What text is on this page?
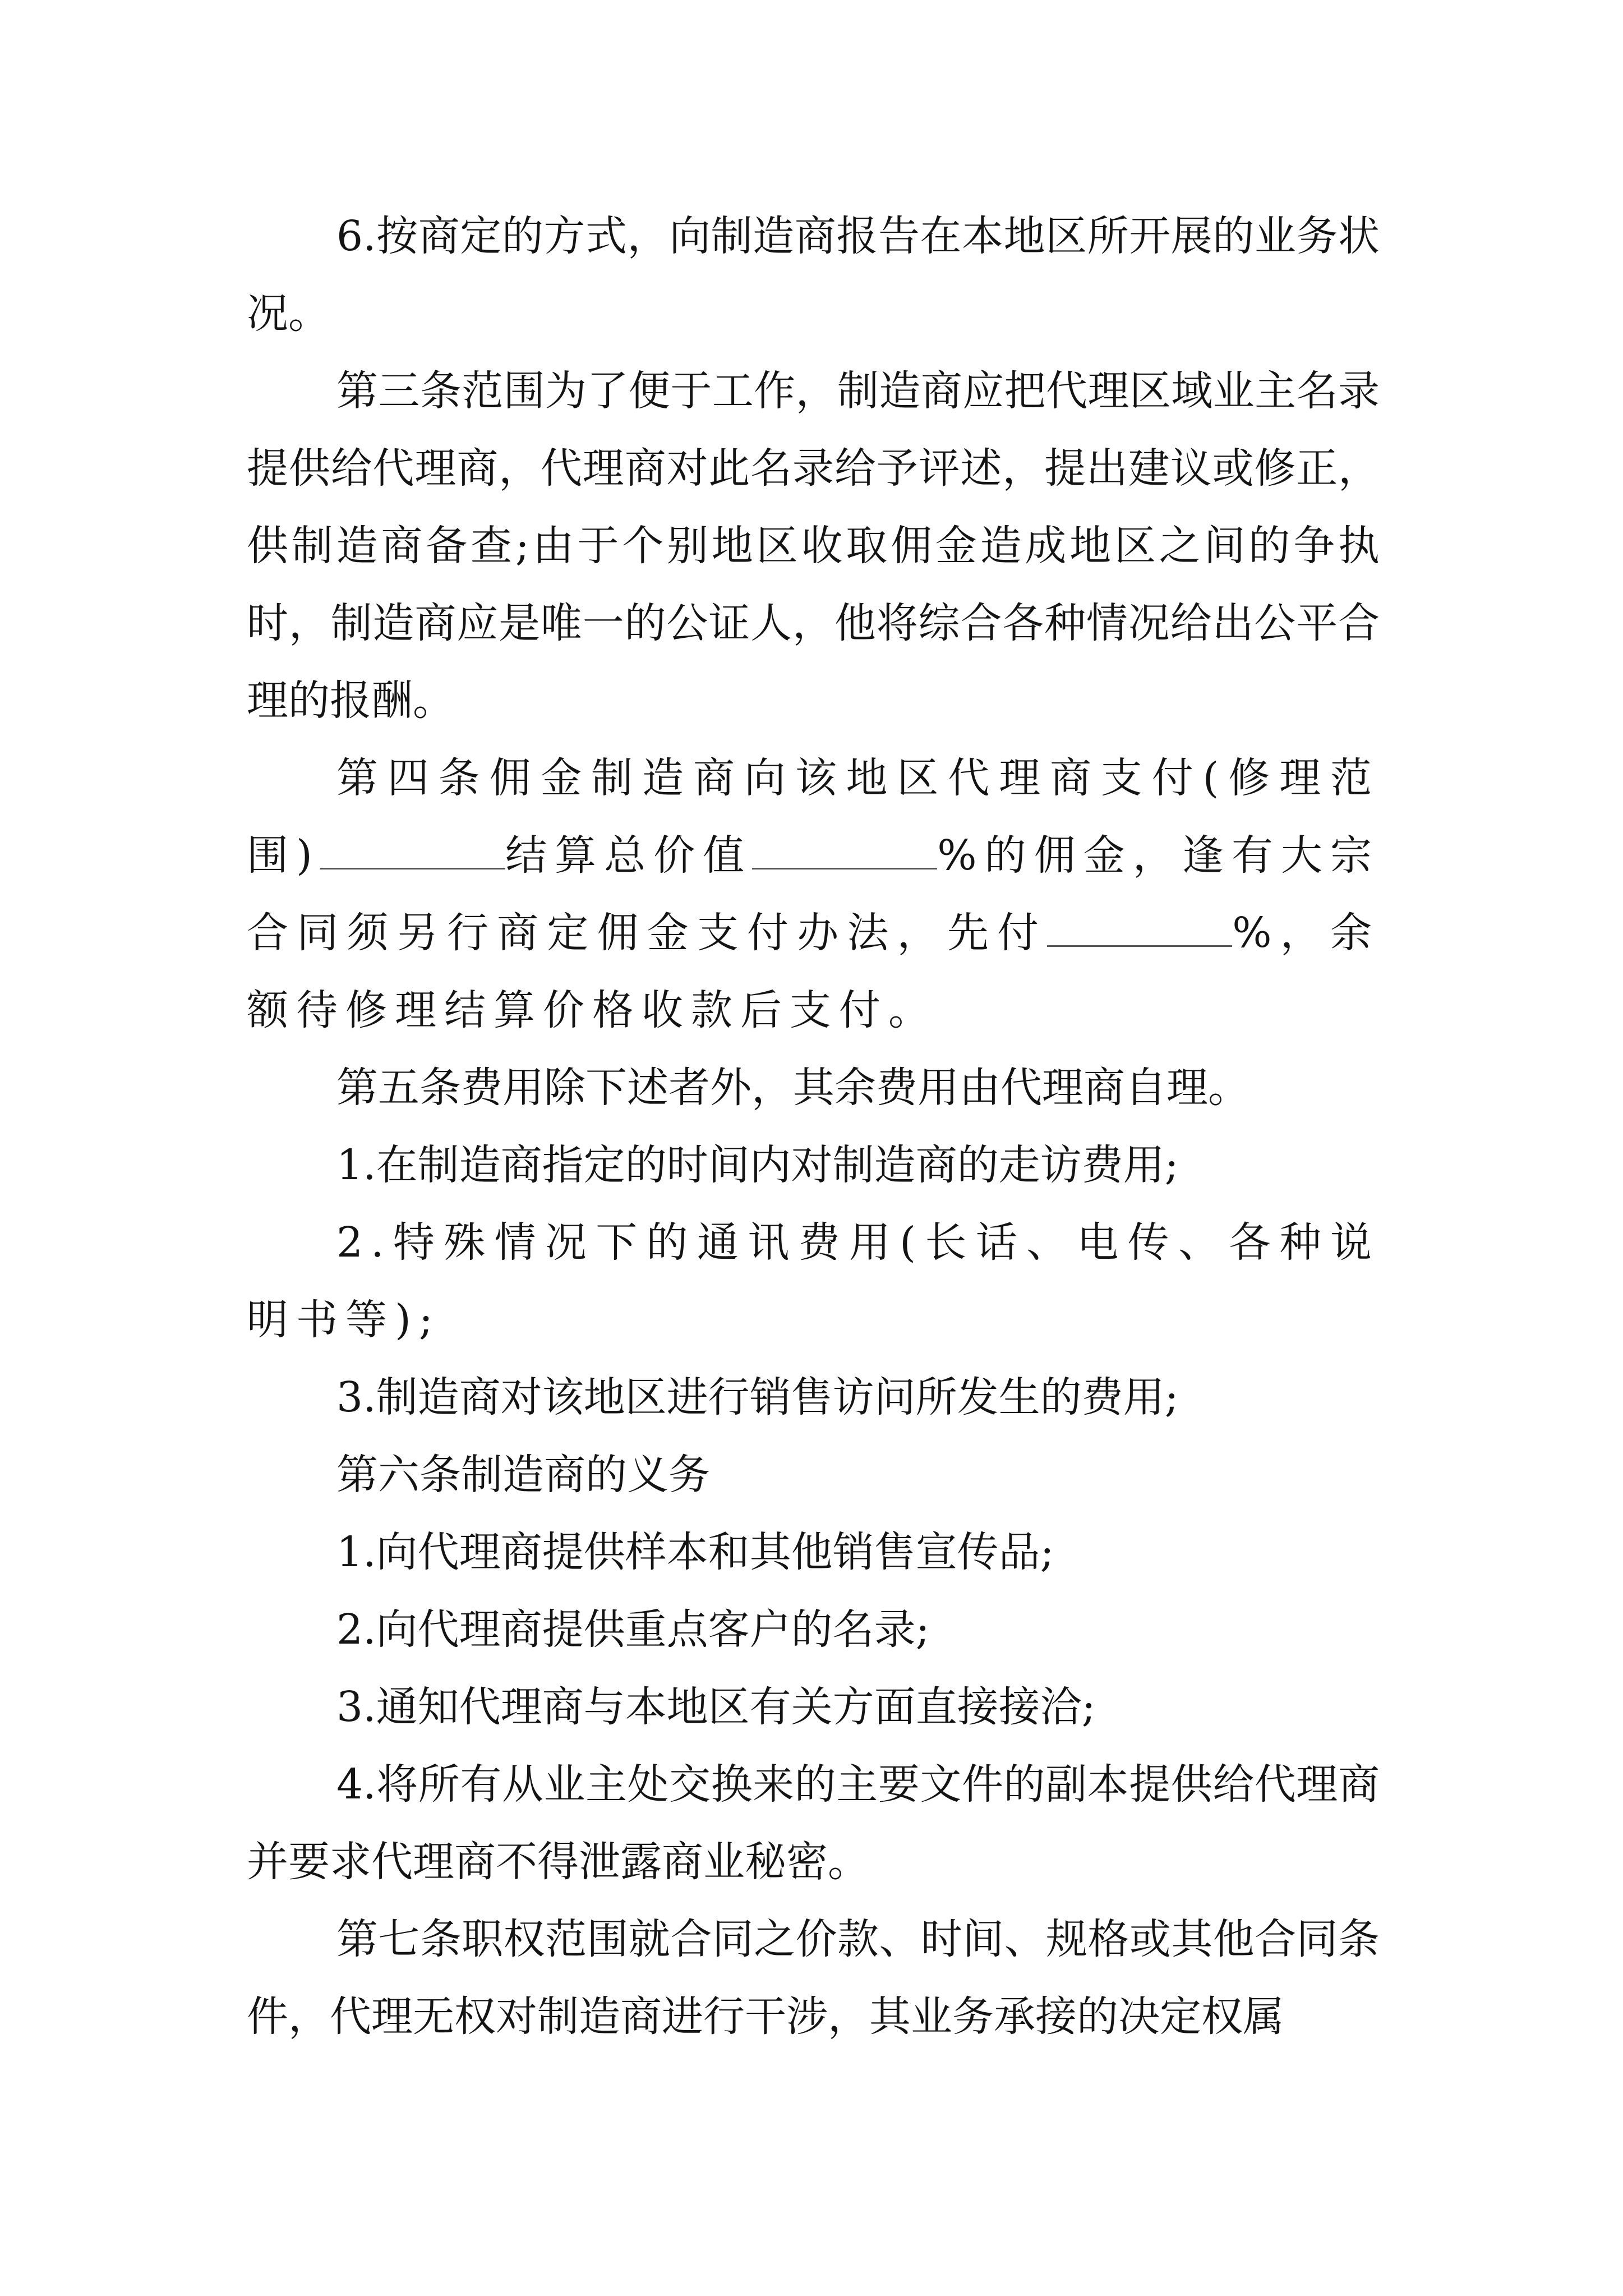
6.按商定的方式，向制造商报告在本地区所开展的业务状况。

第三条范围为了便于工作，制造商应把代理区域业主名录提供给代理商，代理商对此名录给予评述，提出建议或修正，供制造商备查;由于个别地区收取佣金造成地区之间的争执时，制造商应是唯一的公证人，他将综合各种情况给出公平合理的报酬。

第四条佣金制造商向该地区代理商支付(修理范围)	结算总价值	%的佣金，逢有大宗合同须另行商定佣金支付办法，先付	%，余额待修理结算价格收款后支付。

第五条费用除下述者外，其余费用由代理商自理。

1.在制造商指定的时间内对制造商的走访费用;

2.特殊情况下的通讯费用(长话、电传、各种说明书等);

3.制造商对该地区进行销售访问所发生的费用;

第六条制造商的义务

1.向代理商提供样本和其他销售宣传品;

2.向代理商提供重点客户的名录;

3.通知代理商与本地区有关方面直接接洽;

4.将所有从业主处交换来的主要文件的副本提供给代理商并要求代理商不得泄露商业秘密。

第七条职权范围就合同之价款、时间、规格或其他合同条件，代理无权对制造商进行干涉，其业务承接的决定权属
